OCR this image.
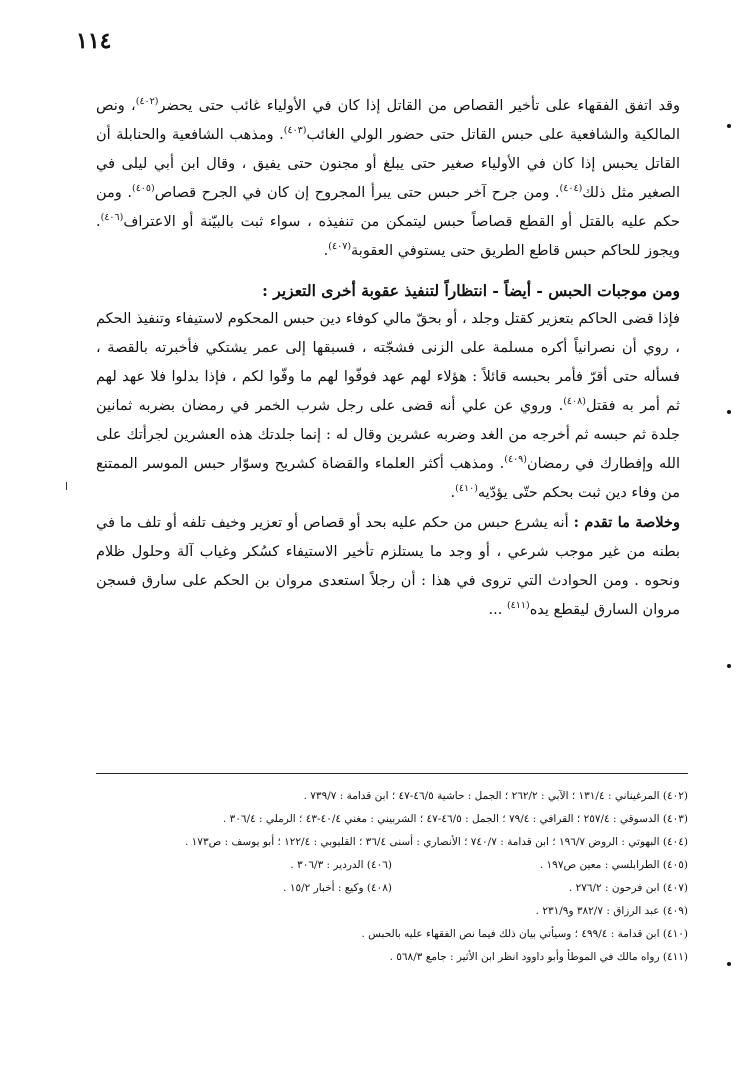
١١٤

وقد اتفق الفقهاء على تأخير القصاص من القاتل إذا كان في الأولياء غائب حتى يحضر$^{(٤٠٢)}$، ونص المالكية والشافعية على حبس القاتل حتى حضور الولي الغائب$^{(٤٠٣)}$. ومذهب الشافعية والحنابلة أن القاتل يحبس إذا كان في الأولياء صغير حتى يبلغ أو مجنون حتى يفيق ، وقال ابن أبي ليلى في الصغير مثل ذلك$^{(٤٠٤)}$. ومن جرح آخر حبس حتى يبرأ المجروح إن كان في الجرح قصاص$^{(٤٠٥)}$. ومن حكم عليه بالقتل أو القطع قصاصاً حبس ليتمكن من تنفيذه ، سواء ثبت بالبيّنة أو الاعتراف$^{(٤٠٦)}$. ويجوز للحاكم حبس قاطع الطريق حتى يستوفي العقوبة$^{(٤٠٧)}$.

ومن موجبات الحبس - أيضاً - انتظاراً لتنفيذ عقوبة أخرى التعزير :

فإذا قضى الحاكم بتعزير كقتل وجلد ، أو بحقّ مالي كوفاء دين حبس المحكوم لاستيفاء وتنفيذ الحكم ، روي أن نصرانياً أكره مسلمة على الزنى فشجّته ، فسبقها إلى عمر يشتكي فأخبرته بالقصة ، فسأله حتى أقرّ فأمر بحبسه قائلاً : هؤلاء لهم عهد فوفّوا لهم ما وفّوا لكم ، فإذا بدلوا فلا عهد لهم ثم أمر به فقتل$^{(٤٠٨)}$. وروي عن علي أنه قضى على رجل شرب الخمر في رمضان بضربه ثمانين جلدة ثم حبسه ثم أخرجه من الغد وضربه عشرين وقال له : إنما جلدتك هذه العشرين لجرأتك على الله وإفطارك في رمضان$^{(٤٠٩)}$. ومذهب أكثر العلماء والقضاة كشريح وسوّار حبس الموسر الممتنع من وفاء دين ثبت بحكم حتّى يؤدّيه$^{(٤١٠)}$.

وخلاصة ما تقدم : أنه يشرع حبس من حكم عليه بحد أو قصاص أو تعزير وخيف تلفه أو تلف ما في بطنه من غير موجب شرعي ، أو وجد ما يستلزم تأخير الاستيفاء كسُكر وغياب آلة وحلول ظلام ونحوه . ومن الحوادث التي تروى في هذا : أن رجلاً استعدى مروان بن الحكم على سارق فسجن مروان السارق ليقطع يده$^{(٤١١)}$ ...

(٤٠٢) المرغيناني : ١٣١/٤ ؛ الآبي : ٢٦٢/٢ ؛ الجمل : حاشية ٤٦/٥-٤٧ ؛ ابن قدامة : ٧٣٩/٧ .

(٤٠٣) الدسوقي : ٢٥٧/٤ ؛ القرافي : ٧٩/٤ ؛ الجمل : ٤٦/٥-٤٧ ؛ الشربيني : مغني ٤٠/٤-٤٣ ؛ الرملي : ٣٠٦/٤ .

(٤٠٤) البهوتي : الروض ١٩٦/٧ ؛ ابن قدامة : ٧٤٠/٧ ؛ الأنصاري : أسنى ٣٦/٤ ؛ القليوبي : ١٢٢/٤ ؛ أبو يوسف : ص١٧٣ .

(٤٠٥) الطرابلسي : معين ص١٩٧ .

(٤٠٦) الدردير : ٣٠٦/٣ .

(٤٠٧) ابن فرحون : ٢٧٦/٢ .

(٤٠٨) وكيع : أخبار ١٥/٢ .

(٤٠٩) عبد الرزاق : ٣٨٢/٧ و٢٣١/٩ .

(٤١٠) ابن قدامة : ٤٩٩/٤ ؛ وسيأتي بيان ذلك فيما نص الفقهاء عليه بالحبس .

(٤١١) رواه مالك في الموطأ وأبو داوود انظر ابن الأثير : جامع ٥٦٨/٣ .
